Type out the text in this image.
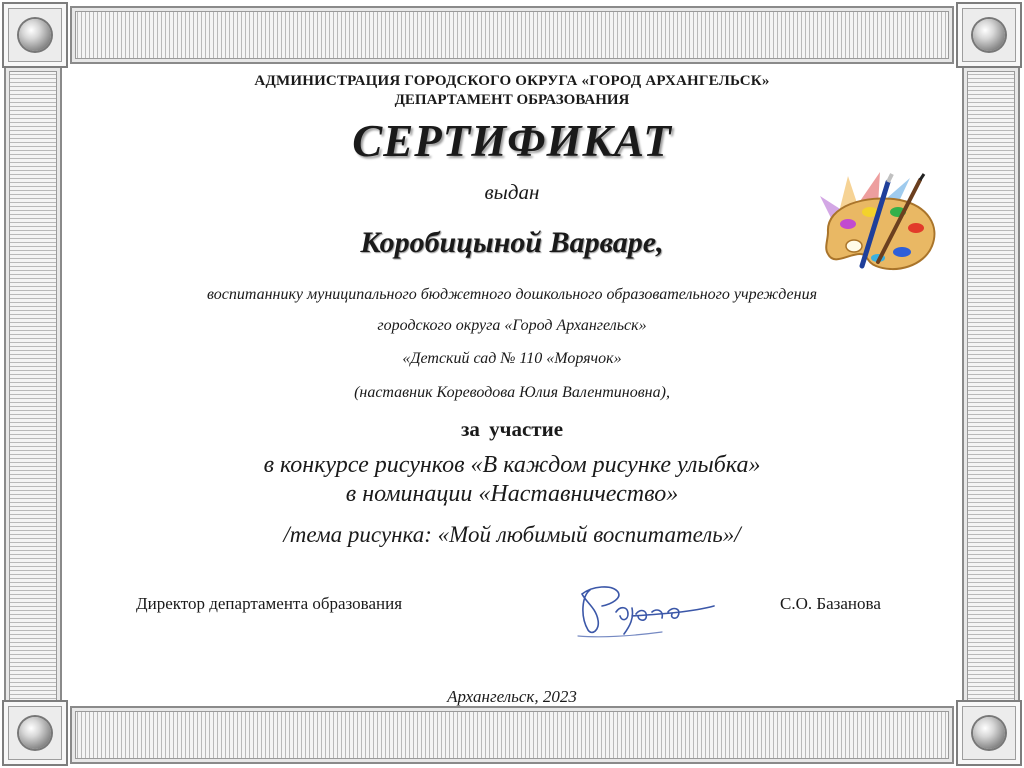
АДМИНИСТРАЦИЯ ГОРОДСКОГО ОКРУГА «ГОРОД АРХАНГЕЛЬСК»
ДЕПАРТАМЕНТ ОБРАЗОВАНИЯ
СЕРТИФИКАТ
выдан
Коробицыной Варваре,
воспитаннику муниципального бюджетного дошкольного образовательного учреждения
городского округа «Город Архангельск»
«Детский сад № 110 «Морячок»
(наставник Кореводова Юлия Валентиновна),
за участие
в конкурсе рисунков «В каждом рисунке улыбка»
в номинации «Наставничество»
/тема рисунка: «Мой любимый воспитатель»/
Директор департамента образования	С.О. Базанова
Архангельск, 2023
